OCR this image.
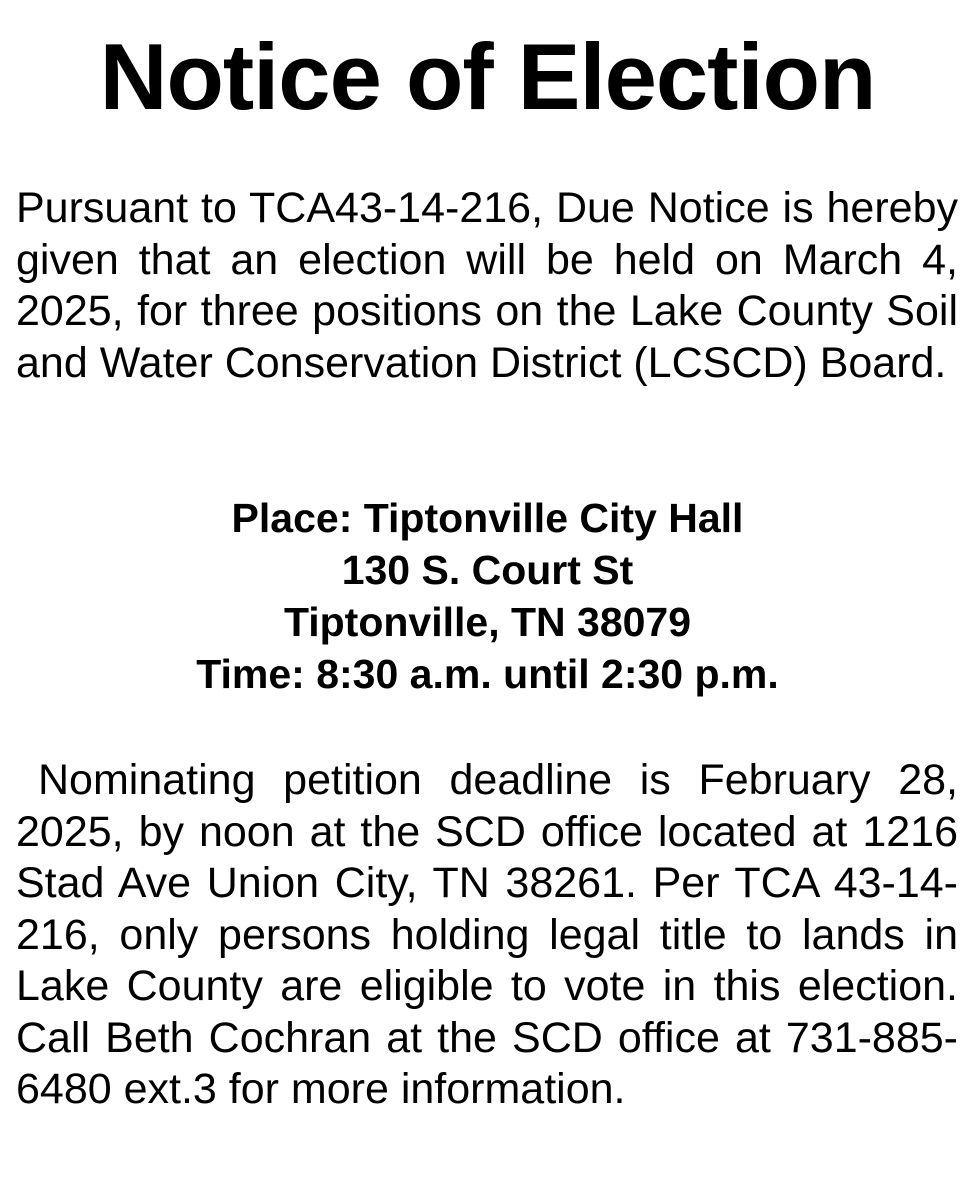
Notice of Election

Pursuant to TCA43-14-216, Due Notice is hereby given that an election will be held on March 4, 2025, for three positions on the Lake County Soil and Water Conservation District (LCSCD) Board.

Place: Tiptonville City Hall
130 S. Court St
Tiptonville, TN 38079
Time: 8:30 a.m. until 2:30 p.m.

Nominating petition deadline is February 28, 2025, by noon at the SCD office located at 1216 Stad Ave Union City, TN 38261. Per TCA 43-14-216, only persons holding legal title to lands in Lake County are eligible to vote in this election. Call Beth Cochran at the SCD office at 731-885-6480 ext.3 for more information.
